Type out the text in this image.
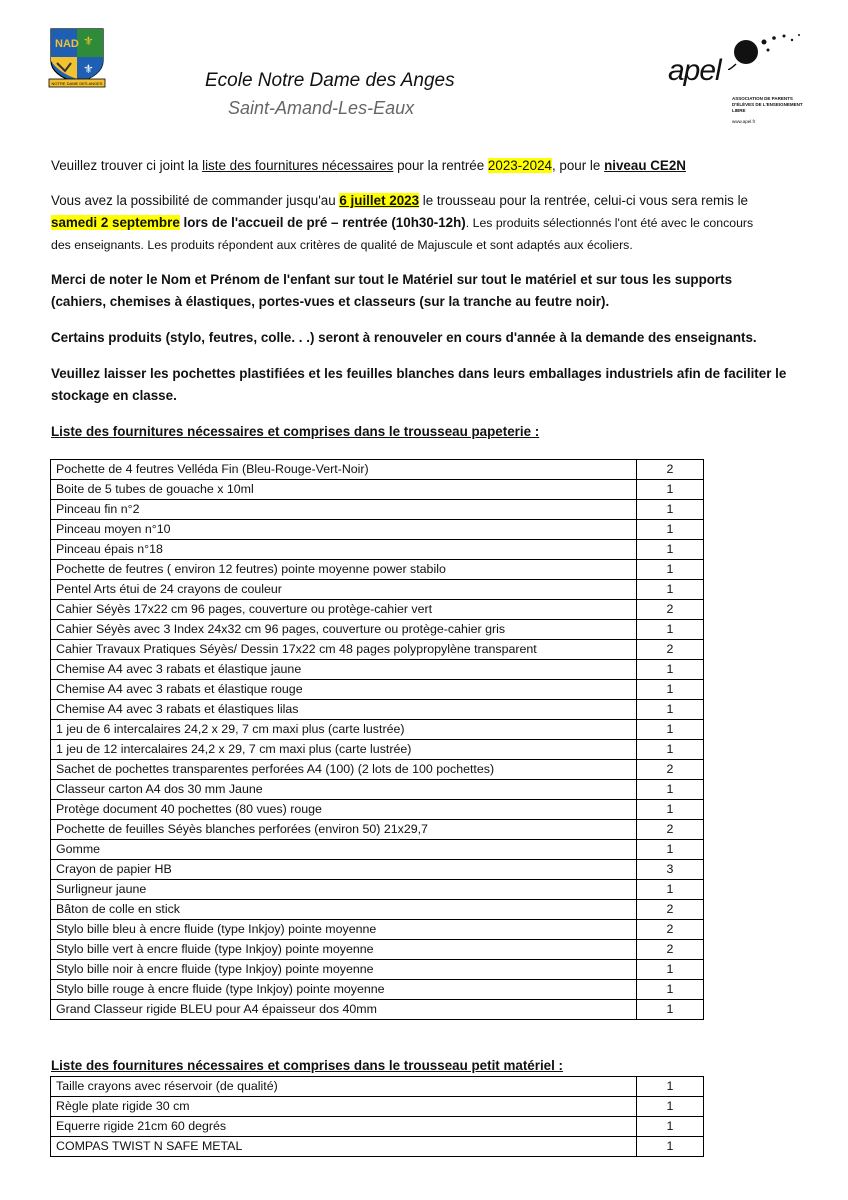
NAD ⚜
⚜
NOTRE DAME DES ANGES	Ecole Notre Dame des Anges
Saint-Amand-Les-Eaux
apel
ASSOCIATION DE PARENTS D'ÉLÈVES DE L'ENSEIGNEMENT LIBRE
www.apel.fr
Veuillez trouver ci joint la liste des fournitures nécessaires pour la rentrée 2023-2024, pour le niveau CE2N
Vous avez la possibilité de commander jusqu'au 6 juillet 2023 le trousseau pour la rentrée, celui-ci vous sera remis le
samedi 2 septembre lors de l'accueil de pré – rentrée (10h30-12h). Les produits sélectionnés l'ont été avec le concours
des enseignants. Les produits répondent aux critères de qualité de Majuscule et sont adaptés aux écoliers.
Merci de noter le Nom et Prénom de l'enfant sur tout le Matériel sur tout le matériel et sur tous les supports
(cahiers, chemises à élastiques, portes-vues et classeurs (sur la tranche au feutre noir).
Certains produits (stylo, feutres, colle. . .) seront à renouveler en cours d'année à la demande des enseignants.
Veuillez laisser les pochettes plastifiées et les feuilles blanches dans leurs emballages industriels afin de faciliter le
stockage en classe.
Liste des fournitures nécessaires et comprises dans le trousseau papeterie :
Pochette de 4 feutres Velléda Fin (Bleu-Rouge-Vert-Noir)	2
Boite de 5 tubes de gouache x 10ml	1
Pinceau fin n°2	1
Pinceau moyen n°10	1
Pinceau épais n°18	1
Pochette de feutres ( environ 12 feutres) pointe moyenne power stabilo	1
Pentel Arts étui de 24 crayons de couleur	1
Cahier Séyès 17x22 cm 96 pages, couverture ou protège-cahier vert	2
Cahier Séyès avec 3 Index 24x32 cm 96 pages, couverture ou protège-cahier gris	1
Cahier Travaux Pratiques Séyès/ Dessin 17x22 cm 48 pages polypropylène transparent	2
Chemise A4 avec 3 rabats et élastique jaune	1
Chemise A4 avec 3 rabats et élastique rouge	1
Chemise A4 avec 3 rabats et élastiques lilas	1
1 jeu de 6 intercalaires 24,2 x 29, 7 cm maxi plus (carte lustrée)	1
1 jeu de 12 intercalaires 24,2 x 29, 7 cm maxi plus (carte lustrée)	1
Sachet de pochettes transparentes perforées A4 (100) (2 lots de 100 pochettes)	2
Classeur carton A4 dos 30 mm Jaune	1
Protège document 40 pochettes (80 vues) rouge	1
Pochette de feuilles Séyès blanches perforées (environ 50) 21x29,7	2
Gomme	1
Crayon de papier HB	3
Surligneur jaune	1
Bâton de colle en stick	2
Stylo bille bleu à encre fluide (type Inkjoy) pointe moyenne	2
Stylo bille vert à encre fluide (type Inkjoy) pointe moyenne	2
Stylo bille noir à encre fluide (type Inkjoy) pointe moyenne	1
Stylo bille rouge à encre fluide (type Inkjoy) pointe moyenne	1
Grand Classeur rigide BLEU pour A4 épaisseur dos 40mm	1
Liste des fournitures nécessaires et comprises dans le trousseau petit matériel :
Taille crayons avec réservoir (de qualité)	1
Règle plate rigide 30 cm	1
Equerre rigide 21cm 60 degrés	1
COMPAS TWIST N SAFE METAL	1
